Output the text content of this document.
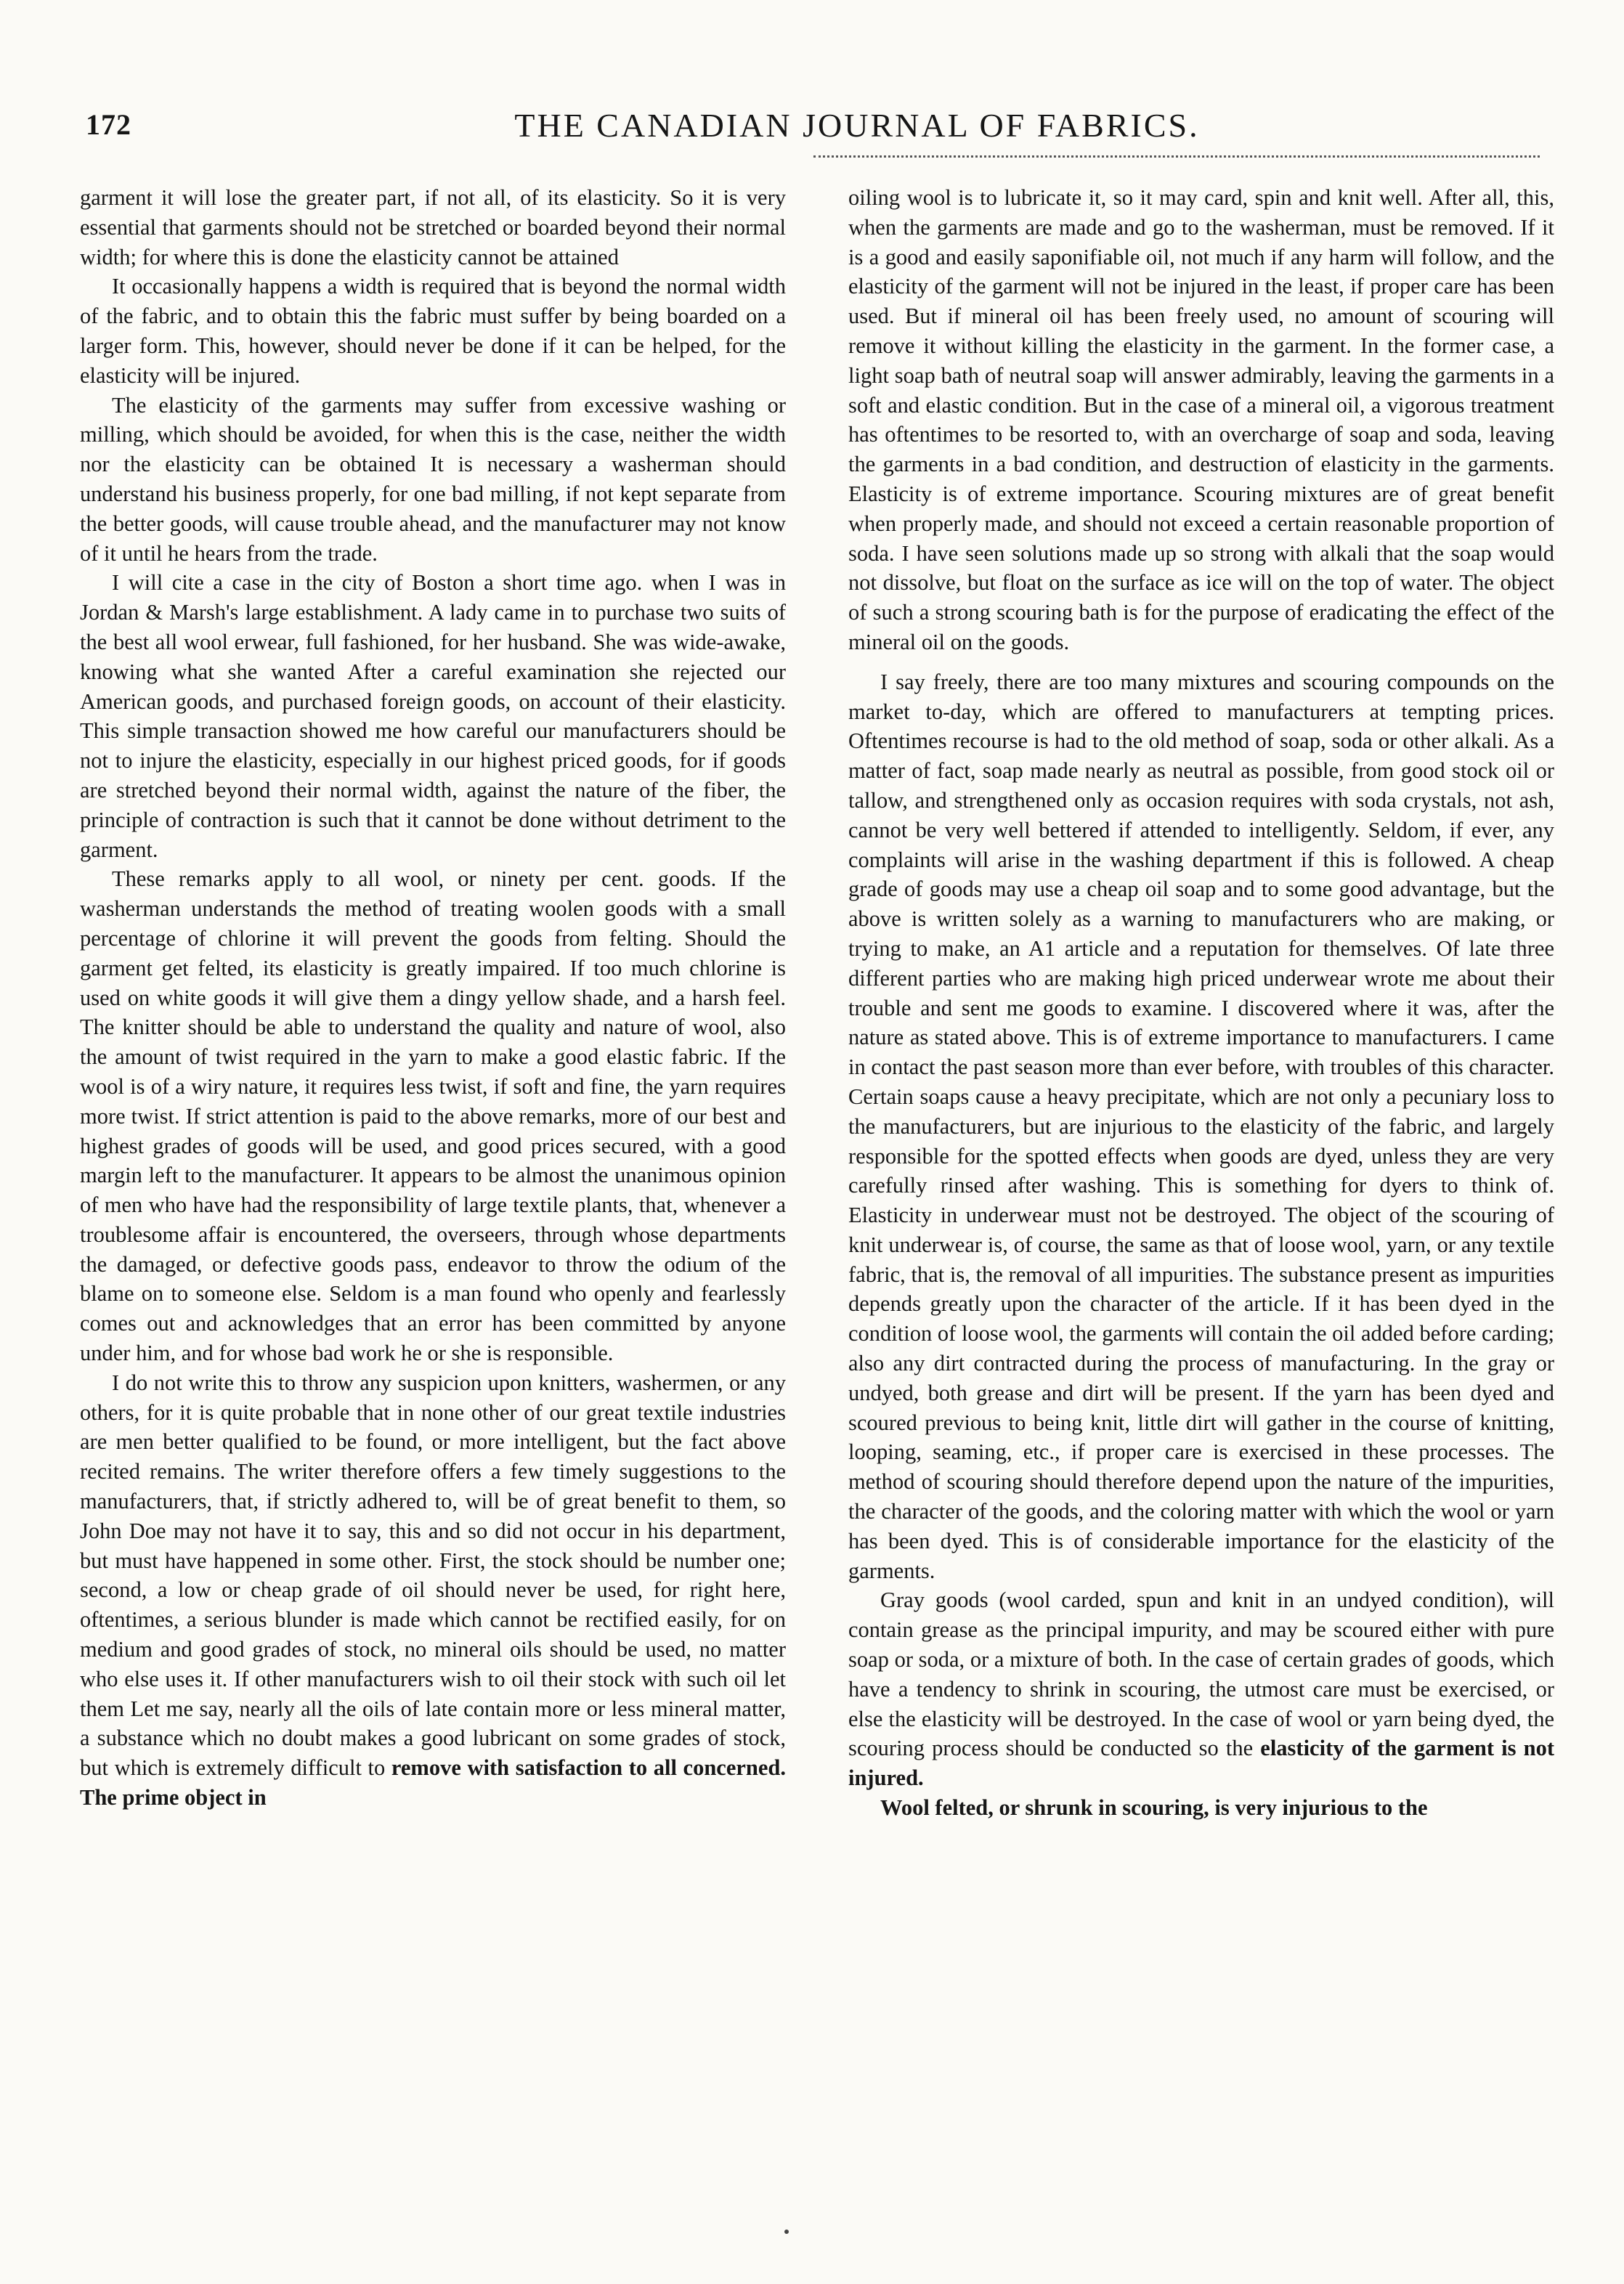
172	THE CANADIAN JOURNAL OF FABRICS.

garment it will lose the greater part, if not all, of its elasticity. So it is very essential that garments should not be stretched or boarded beyond their normal width; for where this is done the elasticity cannot be attained

It occasionally happens a width is required that is beyond the normal width of the fabric, and to obtain this the fabric must suffer by being boarded on a larger form. This, however, should never be done if it can be helped, for the elasticity will be injured.

The elasticity of the garments may suffer from excessive washing or milling, which should be avoided, for when this is the case, neither the width nor the elasticity can be obtained It is necessary a washerman should understand his business properly, for one bad milling, if not kept separate from the better goods, will cause trouble ahead, and the manufacturer may not know of it until he hears from the trade.

I will cite a case in the city of Boston a short time ago. when I was in Jordan & Marsh's large establishment. A lady came in to purchase two suits of the best all wool erwear, full fashioned, for her husband. She was wide-awake, knowing what she wanted After a careful examination she rejected our American goods, and purchased foreign goods, on account of their elasticity. This simple transaction showed me how careful our manufacturers should be not to injure the elasticity, especially in our highest priced goods, for if goods are stretched beyond their normal width, against the nature of the fiber, the principle of contraction is such that it cannot be done without detriment to the garment.

These remarks apply to all wool, or ninety per cent. goods. If the washerman understands the method of treating woolen goods with a small percentage of chlorine it will prevent the goods from felting. Should the garment get felted, its elasticity is greatly impaired. If too much chlorine is used on white goods it will give them a dingy yellow shade, and a harsh feel. The knitter should be able to understand the quality and nature of wool, also the amount of twist required in the yarn to make a good elastic fabric. If the wool is of a wiry nature, it requires less twist, if soft and fine, the yarn requires more twist. If strict attention is paid to the above remarks, more of our best and highest grades of goods will be used, and good prices secured, with a good margin left to the manufacturer. It appears to be almost the unanimous opinion of men who have had the responsibility of large textile plants, that, whenever a troublesome affair is encountered, the overseers, through whose departments the damaged, or defective goods pass, endeavor to throw the odium of the blame on to someone else. Seldom is a man found who openly and fearlessly comes out and acknowledges that an error has been committed by anyone under him, and for whose bad work he or she is responsible.

I do not write this to throw any suspicion upon knitters, washermen, or any others, for it is quite probable that in none other of our great textile industries are men better qualified to be found, or more intelligent, but the fact above recited remains. The writer therefore offers a few timely suggestions to the manufacturers, that, if strictly adhered to, will be of great benefit to them, so John Doe may not have it to say, this and so did not occur in his department, but must have happened in some other. First, the stock should be number one; second, a low or cheap grade of oil should never be used, for right here, oftentimes, a serious blunder is made which cannot be rectified easily, for on medium and good grades of stock, no mineral oils should be used, no matter who else uses it. If other manufacturers wish to oil their stock with such oil let them Let me say, nearly all the oils of late contain more or less mineral matter, a substance which no doubt makes a good lubricant on some grades of stock, but which is extremely difficult to remove with satisfaction to all concerned. The prime object in

oiling wool is to lubricate it, so it may card, spin and knit well. After all, this, when the garments are made and go to the washerman, must be removed. If it is a good and easily saponifiable oil, not much if any harm will follow, and the elasticity of the garment will not be injured in the least, if proper care has been used. But if mineral oil has been freely used, no amount of scouring will remove it without killing the elasticity in the garment. In the former case, a light soap bath of neutral soap will answer admirably, leaving the garments in a soft and elastic condition. But in the case of a mineral oil, a vigorous treatment has oftentimes to be resorted to, with an overcharge of soap and soda, leaving the garments in a bad condition, and destruction of elasticity in the garments. Elasticity is of extreme importance. Scouring mixtures are of great benefit when properly made, and should not exceed a certain reasonable proportion of soda. I have seen solutions made up so strong with alkali that the soap would not dissolve, but float on the surface as ice will on the top of water. The object of such a strong scouring bath is for the purpose of eradicating the effect of the mineral oil on the goods.

I say freely, there are too many mixtures and scouring compounds on the market to-day, which are offered to manufacturers at tempting prices. Oftentimes recourse is had to the old method of soap, soda or other alkali. As a matter of fact, soap made nearly as neutral as possible, from good stock oil or tallow, and strengthened only as occasion requires with soda crystals, not ash, cannot be very well bettered if attended to intelligently. Seldom, if ever, any complaints will arise in the washing department if this is followed. A cheap grade of goods may use a cheap oil soap and to some good advantage, but the above is written solely as a warning to manufacturers who are making, or trying to make, an A1 article and a reputation for themselves. Of late three different parties who are making high priced underwear wrote me about their trouble and sent me goods to examine. I discovered where it was, after the nature as stated above. This is of extreme importance to manufacturers. I came in contact the past season more than ever before, with troubles of this character. Certain soaps cause a heavy precipitate, which are not only a pecuniary loss to the manufacturers, but are injurious to the elasticity of the fabric, and largely responsible for the spotted effects when goods are dyed, unless they are very carefully rinsed after washing. This is something for dyers to think of. Elasticity in underwear must not be destroyed. The object of the scouring of knit underwear is, of course, the same as that of loose wool, yarn, or any textile fabric, that is, the removal of all impurities. The substance present as impurities depends greatly upon the character of the article. If it has been dyed in the condition of loose wool, the garments will contain the oil added before carding; also any dirt contracted during the process of manufacturing. In the gray or undyed, both grease and dirt will be present. If the yarn has been dyed and scoured previous to being knit, little dirt will gather in the course of knitting, looping, seaming, etc., if proper care is exercised in these processes. The method of scouring should therefore depend upon the nature of the impurities, the character of the goods, and the coloring matter with which the wool or yarn has been dyed. This is of considerable importance for the elasticity of the garments.

Gray goods (wool carded, spun and knit in an undyed condition), will contain grease as the principal impurity, and may be scoured either with pure soap or soda, or a mixture of both. In the case of certain grades of goods, which have a tendency to shrink in scouring, the utmost care must be exercised, or else the elasticity will be destroyed. In the case of wool or yarn being dyed, the scouring process should be conducted so the elasticity of the garment is not injured.

Wool felted, or shrunk in scouring, is very injurious to the
